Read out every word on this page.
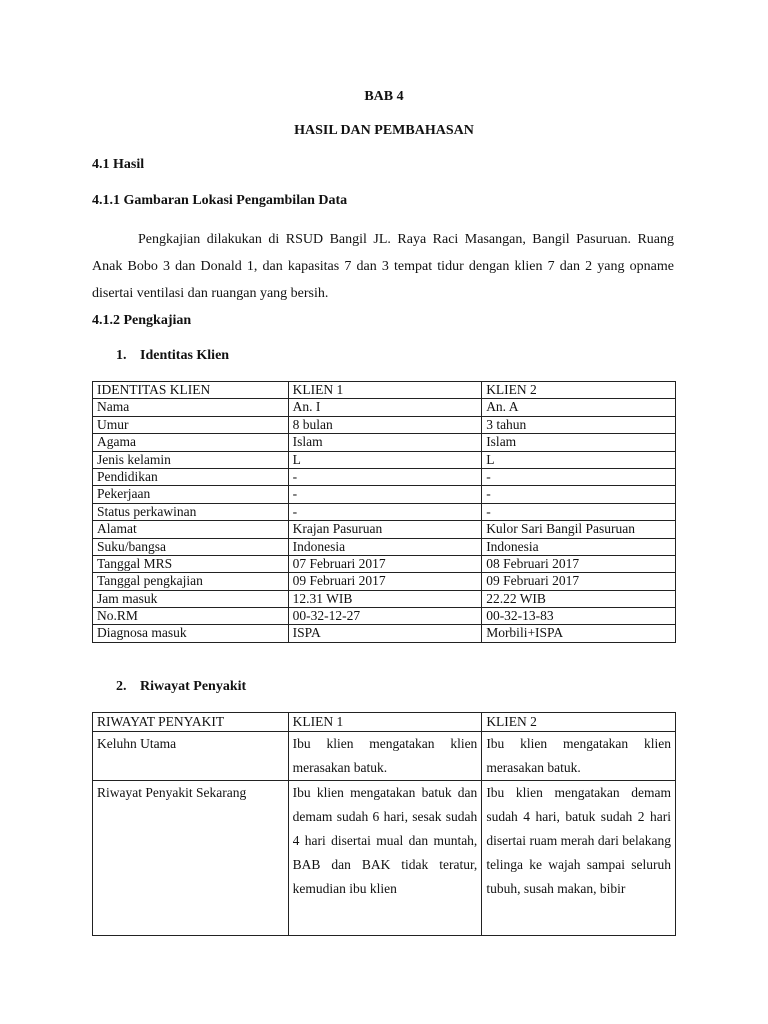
BAB 4
HASIL DAN PEMBAHASAN
4.1 Hasil
4.1.1 Gambaran Lokasi Pengambilan Data
Pengkajian dilakukan di RSUD Bangil JL. Raya Raci Masangan, Bangil Pasuruan. Ruang Anak Bobo 3 dan Donald 1, dan kapasitas 7 dan 3 tempat tidur dengan klien 7 dan 2 yang opname disertai ventilasi dan ruangan yang bersih.
4.1.2 Pengkajian
1. Identitas Klien
IDENTITAS KLIEN	KLIEN 1	KLIEN 2
Nama	An. I	An. A
Umur	8 bulan	3 tahun
Agama	Islam	Islam
Jenis kelamin	L	L
Pendidikan	-	-
Pekerjaan	-	-
Status perkawinan	-	-
Alamat	Krajan Pasuruan	Kulor Sari Bangil Pasuruan
Suku/bangsa	Indonesia	Indonesia
Tanggal MRS	07 Februari 2017	08 Februari 2017
Tanggal pengkajian	09 Februari 2017	09 Februari 2017
Jam masuk	12.31 WIB	22.22 WIB
No.RM	00-32-12-27	00-32-13-83
Diagnosa masuk	ISPA	Morbili+ISPA
2. Riwayat Penyakit
RIWAYAT PENYAKIT	KLIEN 1	KLIEN 2
Keluhn Utama	Ibu klien mengatakan klien merasakan batuk.	Ibu klien mengatakan klien merasakan batuk.
Riwayat Penyakit Sekarang	Ibu klien mengatakan batuk dan demam sudah 6 hari, sesak sudah 4 hari disertai mual dan muntah, BAB dan BAK tidak teratur, kemudian ibu klien	Ibu klien mengatakan demam sudah 4 hari, batuk sudah 2 hari disertai ruam merah dari belakang telinga ke wajah sampai seluruh tubuh, susah makan, bibir
